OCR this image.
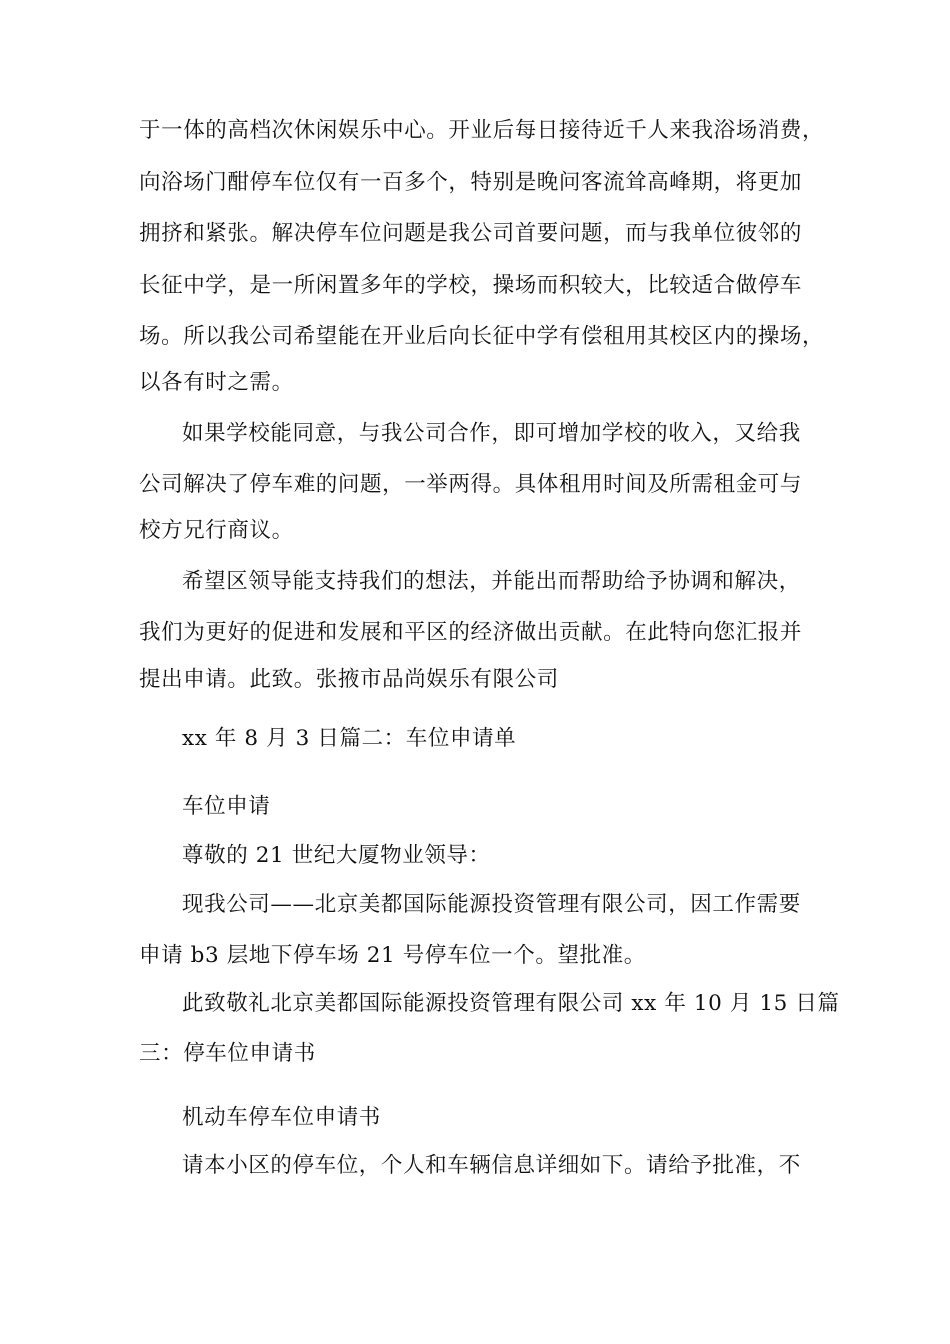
于一体的高档次休闲娱乐中心。开业后每日接待近千人来我浴场消费，
向浴场门酣停车位仅有一百多个，特别是晚问客流耸高峰期，将更加
拥挤和紧张。解决停车位问题是我公司首要问题，而与我单位彼邻的
长征中学，是一所闲置多年的学校，操场而积较大，比较适合做停车
场。所以我公司希望能在开业后向长征中学有偿租用其校区内的操场，
以各有时之需。
如果学校能同意，与我公司合作，即可增加学校的收入，又给我
公司解决了停车难的问题，一举两得。具体租用时间及所需租金可与
校方兄行商议。
希望区领导能支持我们的想法，并能出而帮助给予协调和解决，
我们为更好的促进和发展和平区的经济做出贡献。在此特向您汇报并
提出申请。此致。张掖市品尚娱乐有限公司
xx 年 8 月 3 日篇二：车位申请单
车位申请
尊敬的 21 世纪大厦物业领导：
现我公司——北京美都国际能源投资管理有限公司，因工作需要
申请 b3 层地下停车场 21 号停车位一个。望批准。
此致敬礼北京美都国际能源投资管理有限公司 xx 年 10 月 15 日篇
三：停车位申请书
机动车停车位申请书
请本小区的停车位，个人和车辆信息详细如下。请给予批准，不
